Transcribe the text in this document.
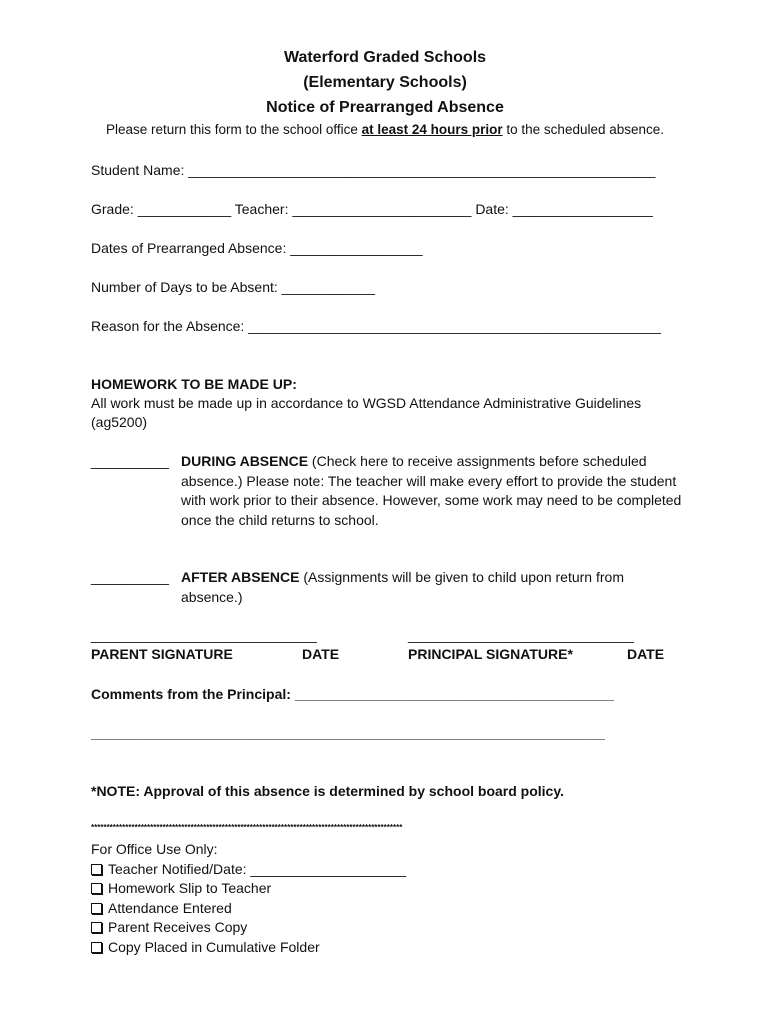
Waterford Graded Schools
(Elementary Schools)
Notice of Prearranged Absence
Please return this form to the school office at least 24 hours prior to the scheduled absence.
Student Name: ____________________________________________________________
Grade: ____________ Teacher: _______________________ Date: __________________
Dates of Prearranged Absence: _________________
Number of Days to be Absent: ____________
Reason for the Absence: _____________________________________________________
HOMEWORK TO BE MADE UP:
All work must be made up in accordance to WGSD Attendance Administrative Guidelines
(ag5200)
__________ DURING ABSENCE (Check here to receive assignments before scheduled
absence.) Please note: The teacher will make every effort to provide the student
with work prior to their absence. However, some work may need to be completed
once the child returns to school.
__________ AFTER ABSENCE (Assignments will be given to child upon return from
absence.)
_____________________________	_____________________________
PARENT SIGNATURE	DATE	PRINCIPAL SIGNATURE*	DATE
Comments from the Principal: _________________________________________
__________________________________________________________________
*NOTE: Approval of this absence is determined by school board policy.
****************************************************************************************************
For Office Use Only:
Teacher Notified/Date: ____________________
Homework Slip to Teacher
Attendance Entered
Parent Receives Copy
Copy Placed in Cumulative Folder
